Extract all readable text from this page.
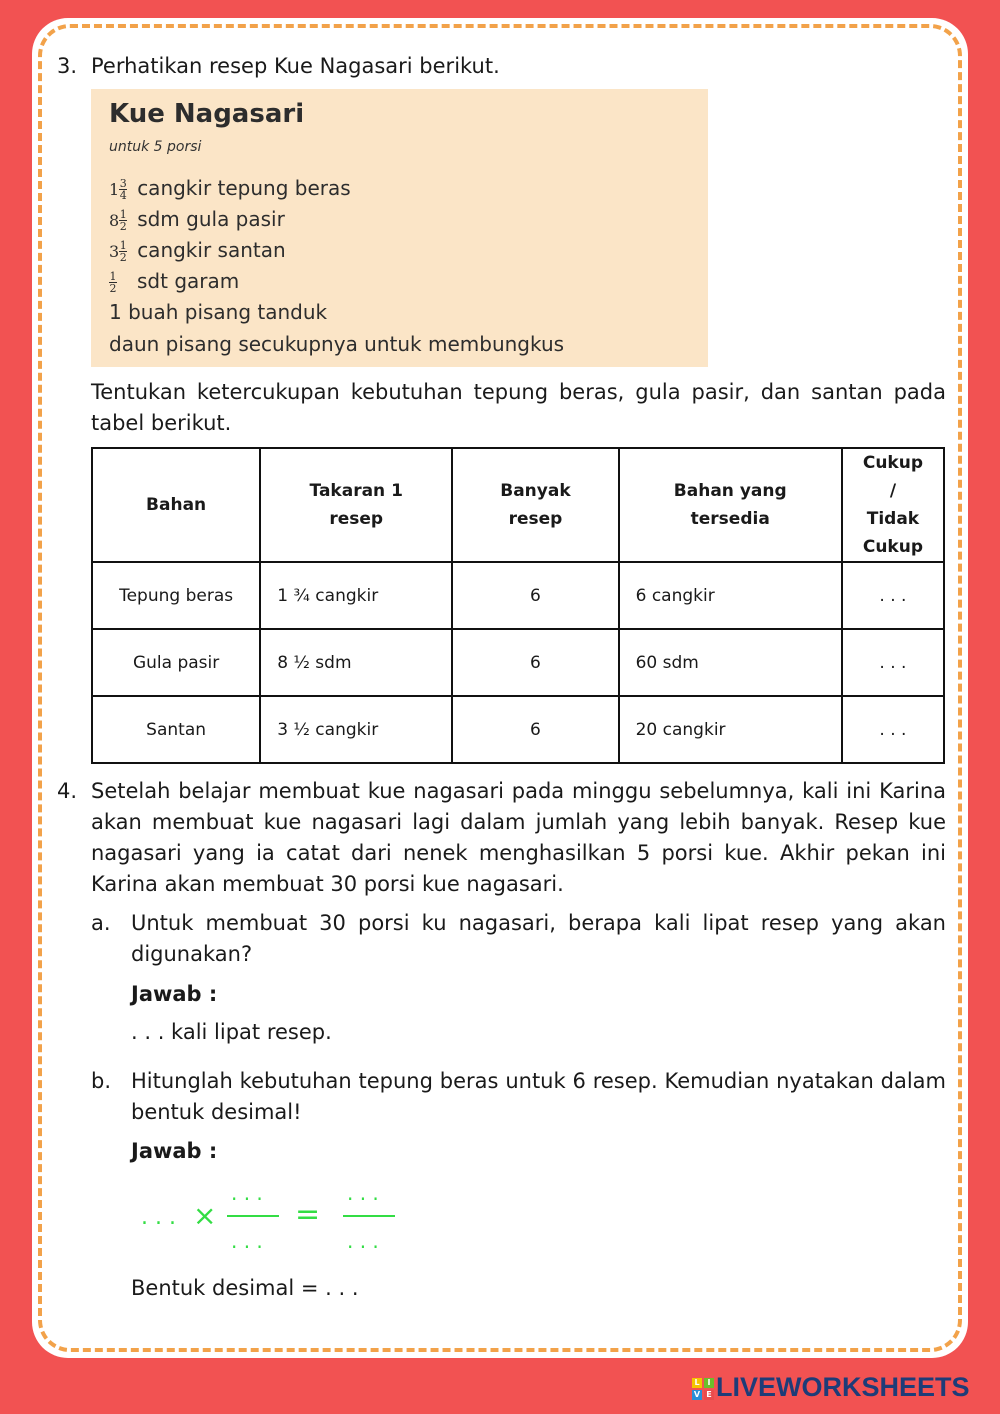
3. Perhatikan resep Kue Nagasari berikut.
Kue Nagasari
untuk 5 porsi
$1 \frac{3}{4}$ cangkir tepung beras
$8 \frac{1}{2}$ sdm gula pasir
$3 \frac{1}{2}$ cangkir santan
$\frac{1}{2}$ sdt garam
1 buah pisang tanduk
daun pisang secukupnya untuk membungkus
Tentukan ketercukupan kebutuhan tepung beras, gula pasir, dan santan pada tabel berikut.
Bahan	Takaran 1 resep	Banyak resep	Bahan yang tersedia	Cukup / Tidak Cukup
Tepung beras	1 ¾ cangkir	6	6 cangkir	. . .
Gula pasir	8 ½ sdm	6	60 sdm	. . .
Santan	3 ½ cangkir	6	20 cangkir	. . .
4. Setelah belajar membuat kue nagasari pada minggu sebelumnya, kali ini Karina akan membuat kue nagasari lagi dalam jumlah yang lebih banyak. Resep kue nagasari yang ia catat dari nenek menghasilkan 5 porsi kue. Akhir pekan ini Karina akan membuat 30 porsi kue nagasari.
a. Untuk membuat 30 porsi ku nagasari, berapa kali lipat resep yang akan digunakan?
Jawab :
. . . kali lipat resep.
b. Hitunglah kebutuhan tepung beras untuk 6 resep. Kemudian nyatakan dalam bentuk desimal!
Jawab :
. . . ×
. . .
. . .
=
. . .
. . .
Bentuk desimal = . . .
L I
V E LIVEWORKSHEETS
